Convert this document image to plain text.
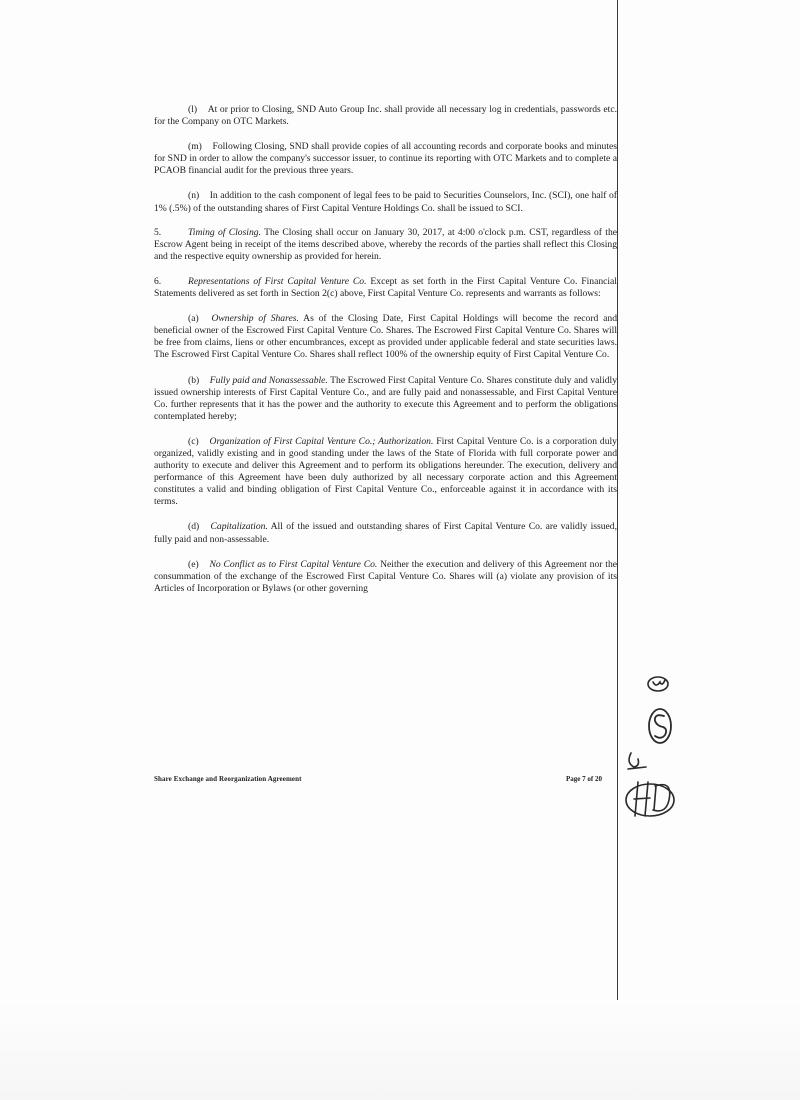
(l) At or prior to Closing, SND Auto Group Inc. shall provide all necessary log in credentials, passwords etc. for the Company on OTC Markets.

(m) Following Closing, SND shall provide copies of all accounting records and corporate books and minutes for SND in order to allow the company's successor issuer, to continue its reporting with OTC Markets and to complete a PCAOB financial audit for the previous three years.

(n) In addition to the cash component of legal fees to be paid to Securities Counselors, Inc. (SCI), one half of 1% (.5%) of the outstanding shares of First Capital Venture Holdings Co. shall be issued to SCI.

5.	Timing of Closing. The Closing shall occur on January 30, 2017, at 4:00 o'clock p.m. CST, regardless of the Escrow Agent being in receipt of the items described above, whereby the records of the parties shall reflect this Closing and the respective equity ownership as provided for herein.

6.	Representations of First Capital Venture Co. Except as set forth in the First Capital Venture Co. Financial Statements delivered as set forth in Section 2(c) above, First Capital Venture Co. represents and warrants as follows:

(a) Ownership of Shares. As of the Closing Date, First Capital Holdings will become the record and beneficial owner of the Escrowed First Capital Venture Co. Shares. The Escrowed First Capital Venture Co. Shares will be free from claims, liens or other encumbrances, except as provided under applicable federal and state securities laws. The Escrowed First Capital Venture Co. Shares shall reflect 100% of the ownership equity of First Capital Venture Co.

(b) Fully paid and Nonassessable. The Escrowed First Capital Venture Co. Shares constitute duly and validly issued ownership interests of First Capital Venture Co., and are fully paid and nonassessable, and First Capital Venture Co. further represents that it has the power and the authority to execute this Agreement and to perform the obligations contemplated hereby;

(c) Organization of First Capital Venture Co.; Authorization. First Capital Venture Co. is a corporation duly organized, validly existing and in good standing under the laws of the State of Florida with full corporate power and authority to execute and deliver this Agreement and to perform its obligations hereunder. The execution, delivery and performance of this Agreement have been duly authorized by all necessary corporate action and this Agreement constitutes a valid and binding obligation of First Capital Venture Co., enforceable against it in accordance with its terms.

(d) Capitalization. All of the issued and outstanding shares of First Capital Venture Co. are validly issued, fully paid and non-assessable.

(e) No Conflict as to First Capital Venture Co. Neither the execution and delivery of this Agreement nor the consummation of the exchange of the Escrowed First Capital Venture Co. Shares will (a) violate any provision of its Articles of Incorporation or Bylaws (or other governing

Share Exchange and Reorganization Agreement	Page 7 of 20
